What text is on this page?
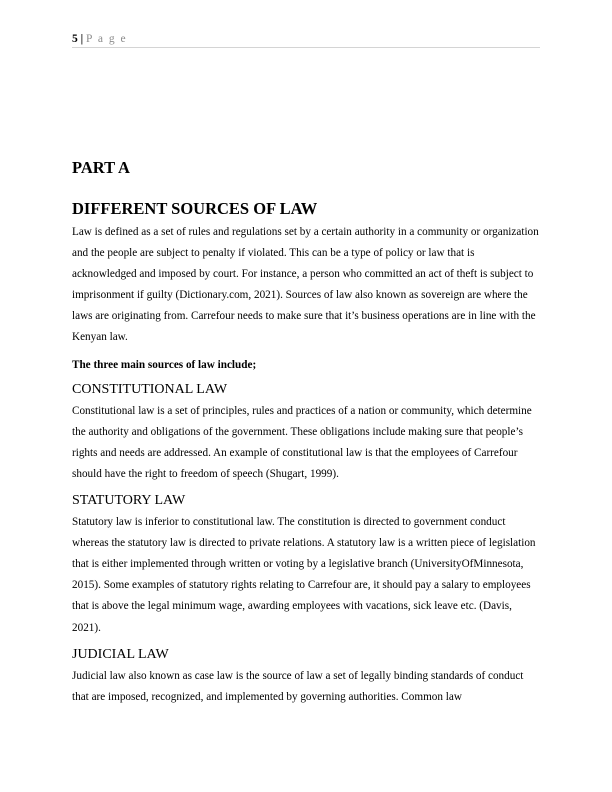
5 | P a g e
PART A
DIFFERENT SOURCES OF LAW

Law is defined as a set of rules and regulations set by a certain authority in a community or organization and the people are subject to penalty if violated. This can be a type of policy or law that is acknowledged and imposed by court. For instance, a person who committed an act of theft is subject to imprisonment if guilty (Dictionary.com, 2021). Sources of law also known as sovereign are where the laws are originating from. Carrefour needs to make sure that it’s business operations are in line with the Kenyan law.

The three main sources of law include;

CONSTITUTIONAL LAW

Constitutional law is a set of principles, rules and practices of a nation or community, which determine the authority and obligations of the government. These obligations include making sure that people’s rights and needs are addressed. An example of constitutional law is that the employees of Carrefour should have the right to freedom of speech (Shugart, 1999).

STATUTORY LAW

Statutory law is inferior to constitutional law. The constitution is directed to government conduct whereas the statutory law is directed to private relations. A statutory law is a written piece of legislation that is either implemented through written or voting by a legislative branch (UniversityOfMinnesota, 2015). Some examples of statutory rights relating to Carrefour are, it should pay a salary to employees that is above the legal minimum wage, awarding employees with vacations, sick leave etc. (Davis, 2021).

JUDICIAL LAW

Judicial law also known as case law is the source of law a set of legally binding standards of conduct that are imposed, recognized, and implemented by governing authorities. Common law
